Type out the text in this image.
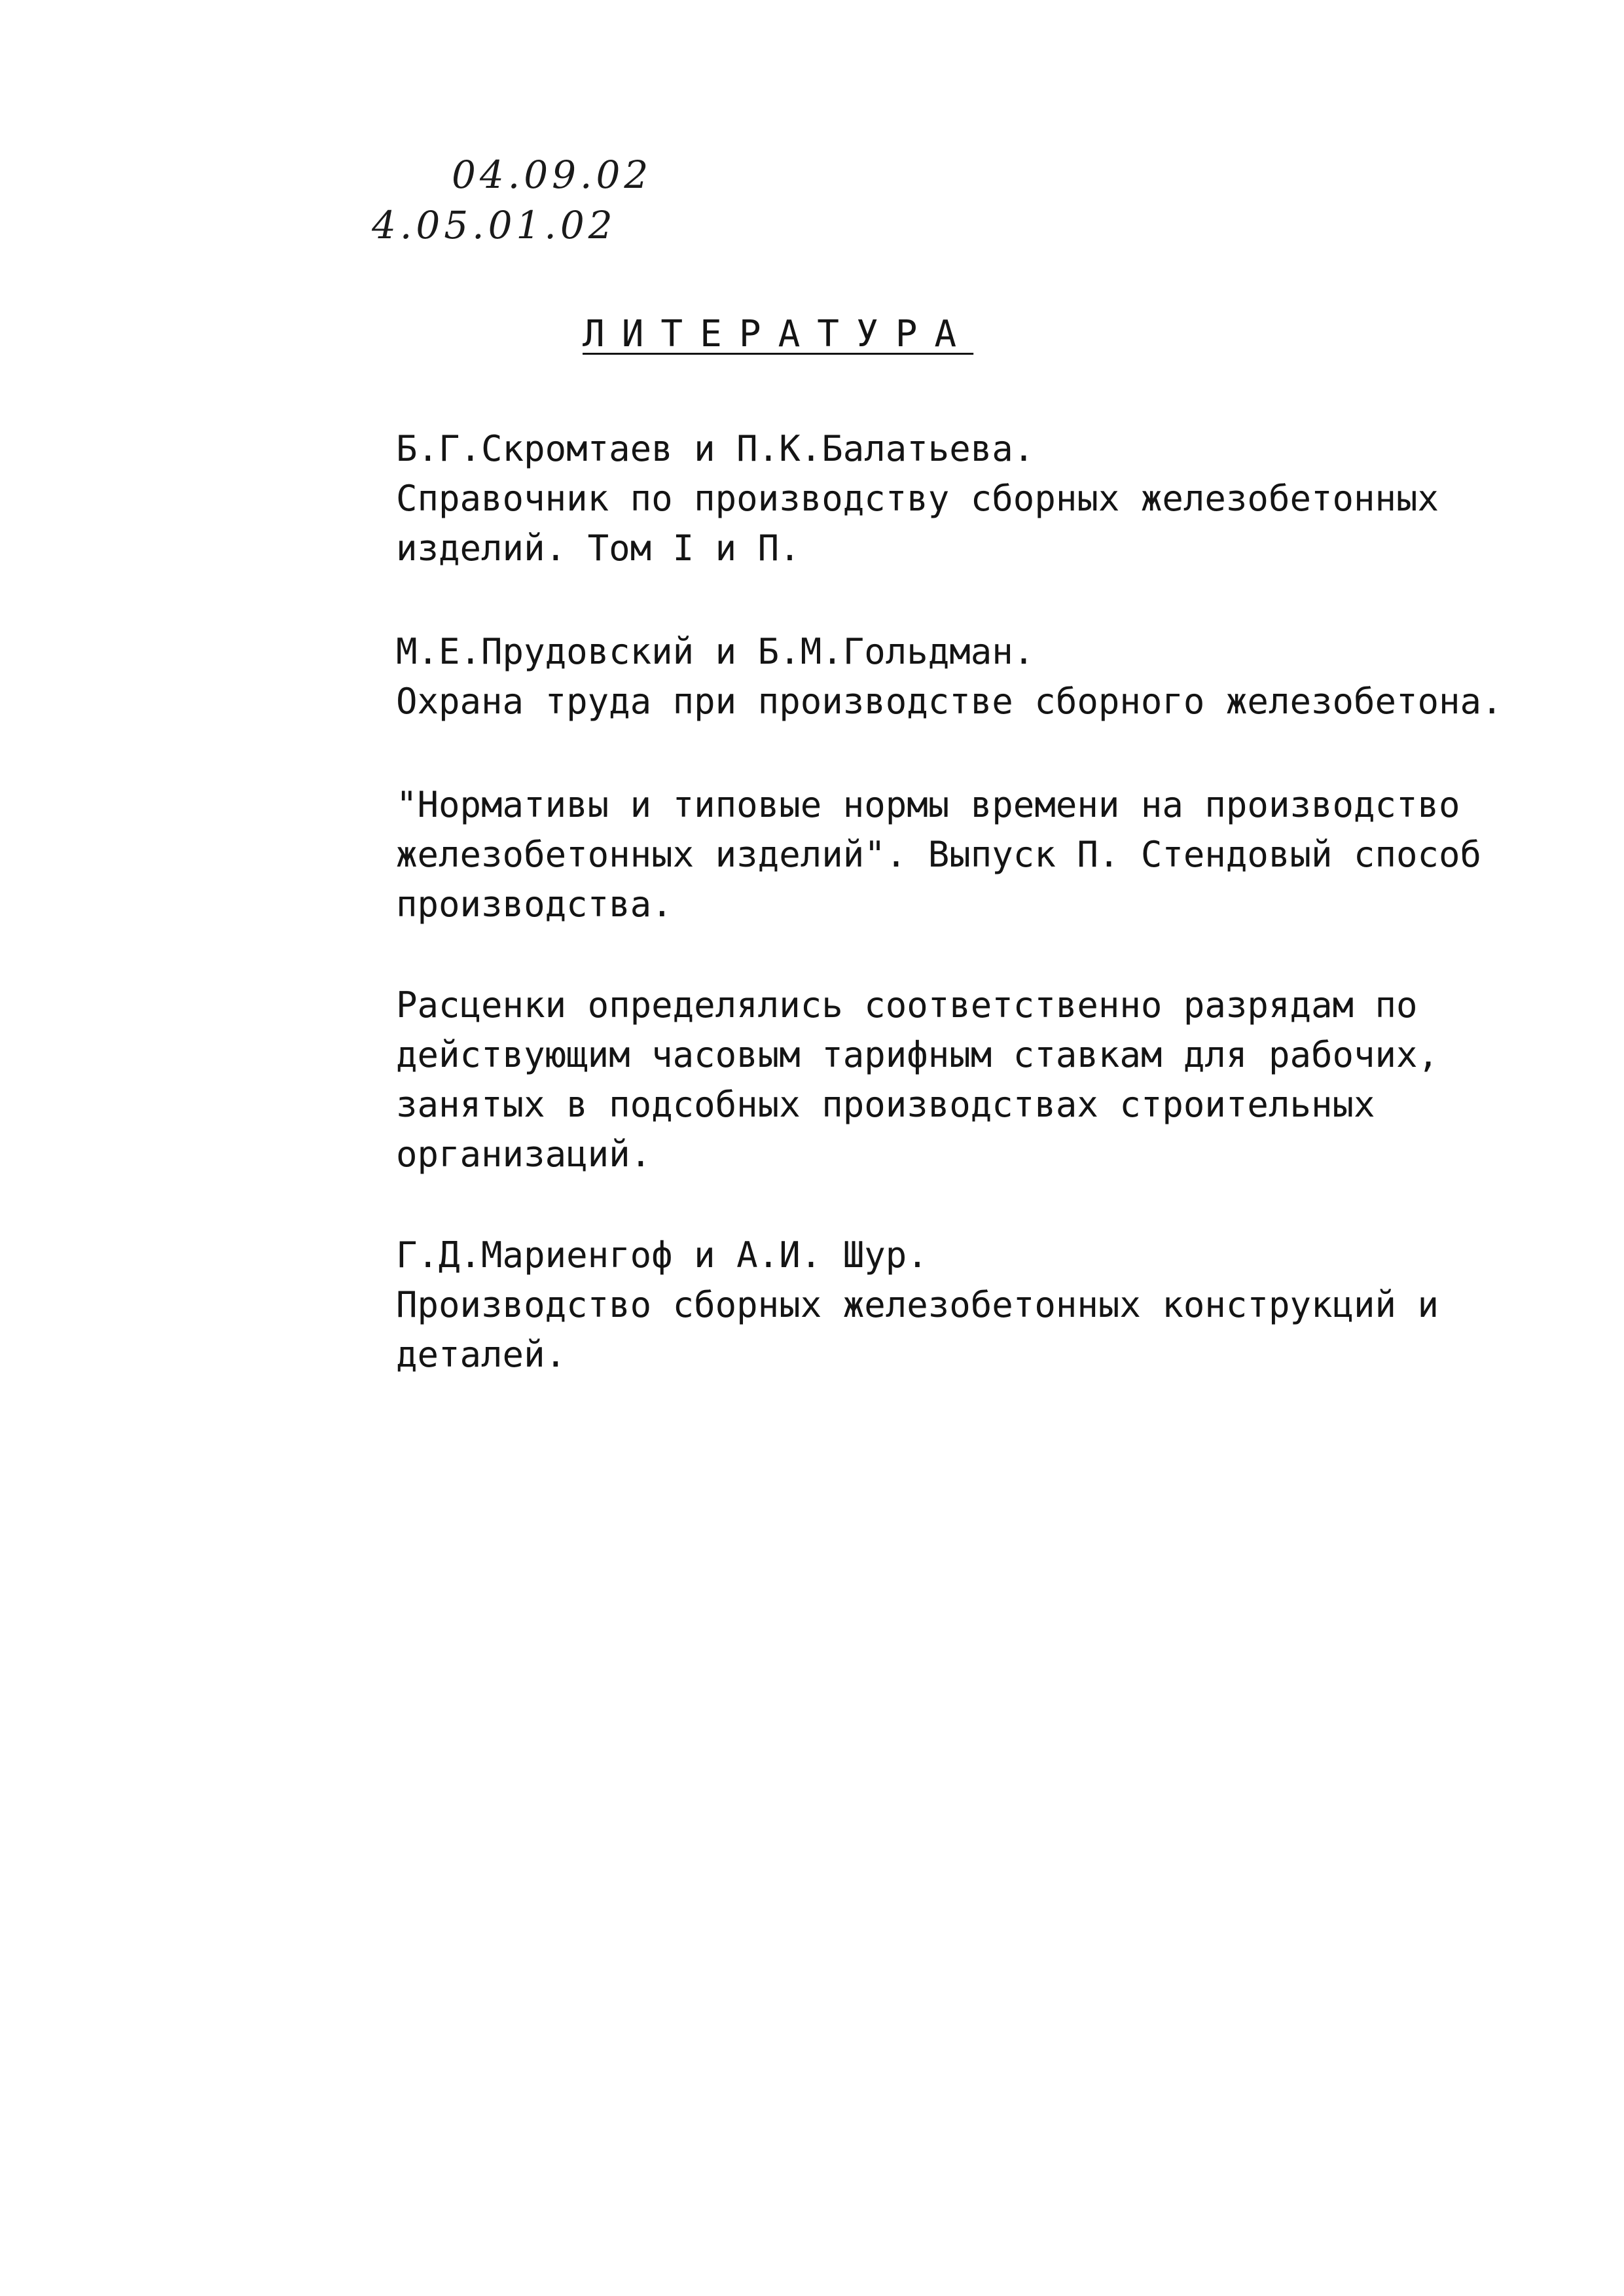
04.09.02
4.05.01.02
ЛИТЕРАТУРА
Б.Г.Скромтаев и П.К.Балатьева.
Справочник по производству сборных железобетонных
изделий. Том I и П.
М.Е.Прудовский и Б.М.Гольдман.
Охрана труда при производстве сборного железобетона.
"Нормативы и типовые нормы времени на производство
железобетонных изделий". Выпуск П. Стендовый способ
производства.
Расценки определялись соответственно разрядам по
действующим часовым тарифным ставкам для рабочих,
занятых в подсобных производствах строительных
организаций.
Г.Д.Мариенгоф и А.И. Шур.
Производство сборных железобетонных конструкций и
деталей.
